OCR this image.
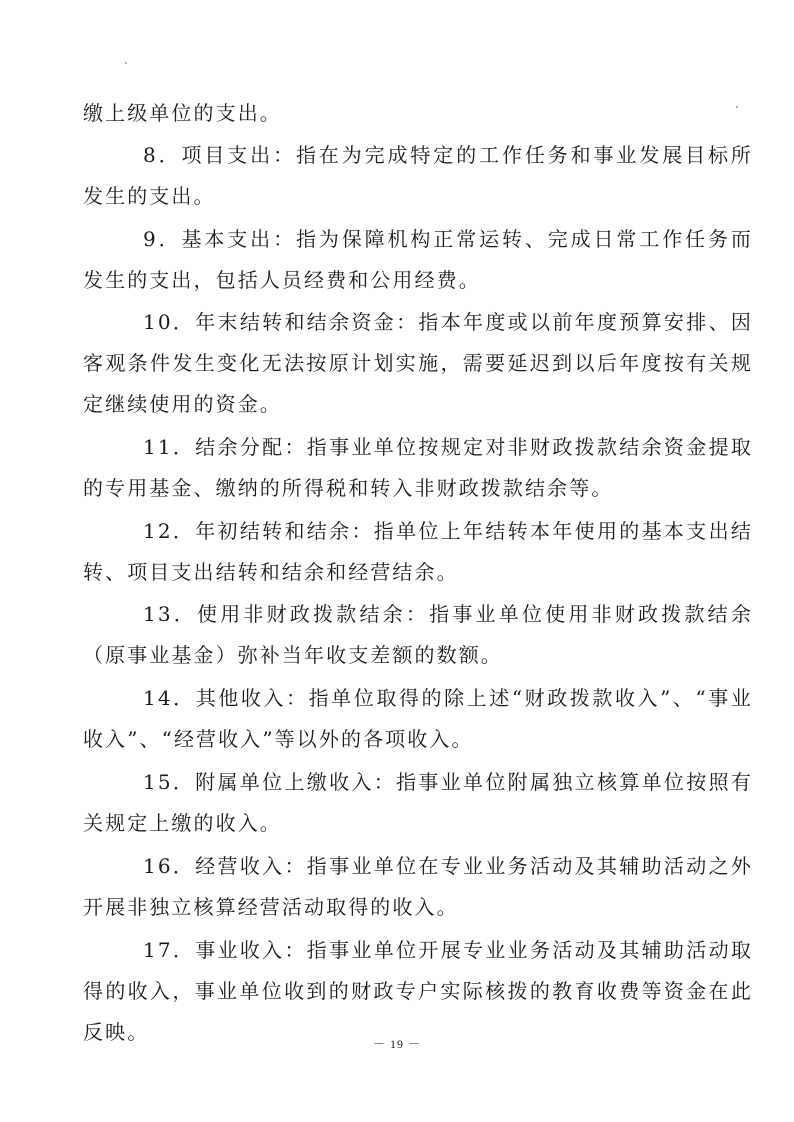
缴上级单位的支出。

8．项目支出：指在为完成特定的工作任务和事业发展目标所发生的支出。

9．基本支出：指为保障机构正常运转、完成日常工作任务而发生的支出，包括人员经费和公用经费。

10．年末结转和结余资金：指本年度或以前年度预算安排、因客观条件发生变化无法按原计划实施，需要延迟到以后年度按有关规定继续使用的资金。

11．结余分配：指事业单位按规定对非财政拨款结余资金提取的专用基金、缴纳的所得税和转入非财政拨款结余等。

12．年初结转和结余：指单位上年结转本年使用的基本支出结转、项目支出结转和结余和经营结余。

13．使用非财政拨款结余：指事业单位使用非财政拨款结余（原事业基金）弥补当年收支差额的数额。

14．其他收入：指单位取得的除上述“财政拨款收入”、“事业收入”、“经营收入”等以外的各项收入。

15．附属单位上缴收入：指事业单位附属独立核算单位按照有关规定上缴的收入。

16．经营收入：指事业单位在专业业务活动及其辅助活动之外开展非独立核算经营活动取得的收入。

17．事业收入：指事业单位开展专业业务活动及其辅助活动取得的收入，事业单位收到的财政专户实际核拨的教育收费等资金在此反映。	－ 19 －
